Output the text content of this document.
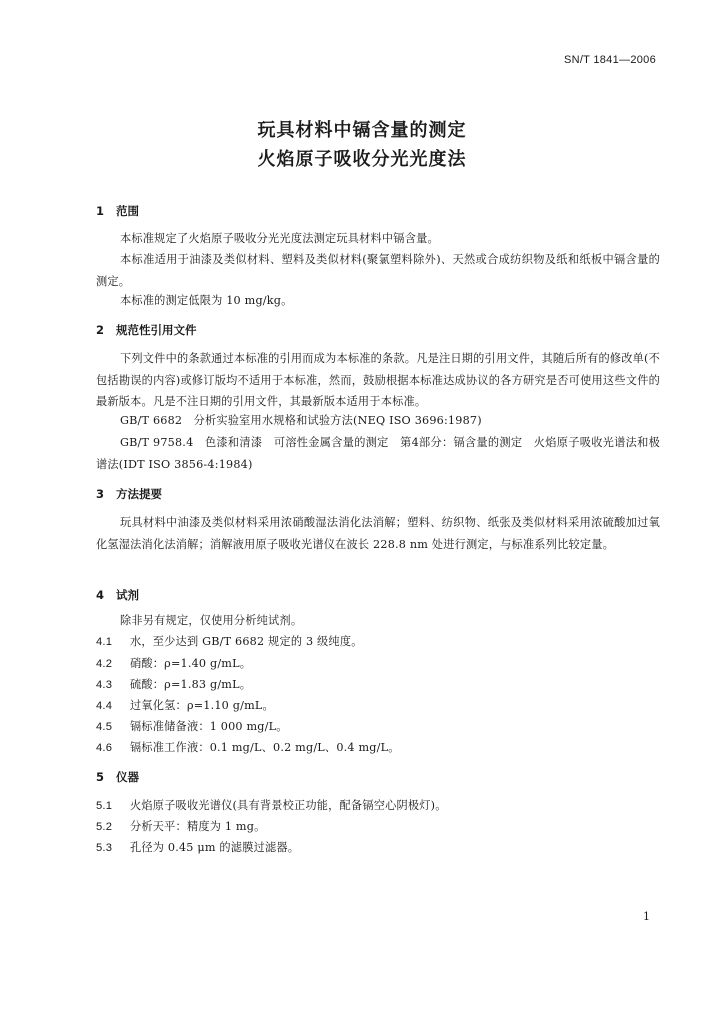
SN/T 1841—2006
玩具材料中镉含量的测定
火焰原子吸收分光光度法
1 范围
本标准规定了火焰原子吸收分光光度法测定玩具材料中镉含量。
本标准适用于油漆及类似材料、塑料及类似材料(聚氯塑料除外)、天然或合成纺织物及纸和纸板中镉含量的测定。
本标准的测定低限为 10 mg/kg。
2 规范性引用文件
下列文件中的条款通过本标准的引用而成为本标准的条款。凡是注日期的引用文件，其随后所有的修改单(不包括勘误的内容)或修订版均不适用于本标准，然而，鼓励根据本标准达成协议的各方研究是否可使用这些文件的最新版本。凡是不注日期的引用文件，其最新版本适用于本标准。
GB/T 6682　分析实验室用水规格和试验方法(NEQ ISO 3696:1987)
GB/T 9758.4　色漆和清漆　可溶性金属含量的测定　第4部分：镉含量的测定　火焰原子吸收光谱法和极谱法(IDT ISO 3856-4:1984)
3 方法提要
玩具材料中油漆及类似材料采用浓硝酸湿法消化法消解；塑料、纺织物、纸张及类似材料采用浓硫酸加过氧化氢湿法消化法消解；消解液用原子吸收光谱仪在波长 228.8 nm 处进行测定，与标准系列比较定量。
4 试剂
除非另有规定，仅使用分析纯试剂。
4.1 水，至少达到 GB/T 6682 规定的 3 级纯度。
4.2 硝酸：ρ=1.40 g/mL。
4.3 硫酸：ρ=1.83 g/mL。
4.4 过氧化氢：ρ=1.10 g/mL。
4.5 镉标准储备液：1 000 mg/L。
4.6 镉标准工作液：0.1 mg/L、0.2 mg/L、0.4 mg/L。
5 仪器
5.1 火焰原子吸收光谱仪(具有背景校正功能，配备镉空心阴极灯)。
5.2 分析天平：精度为 1 mg。
5.3 孔径为 0.45 μm 的滤膜过滤器。
1
